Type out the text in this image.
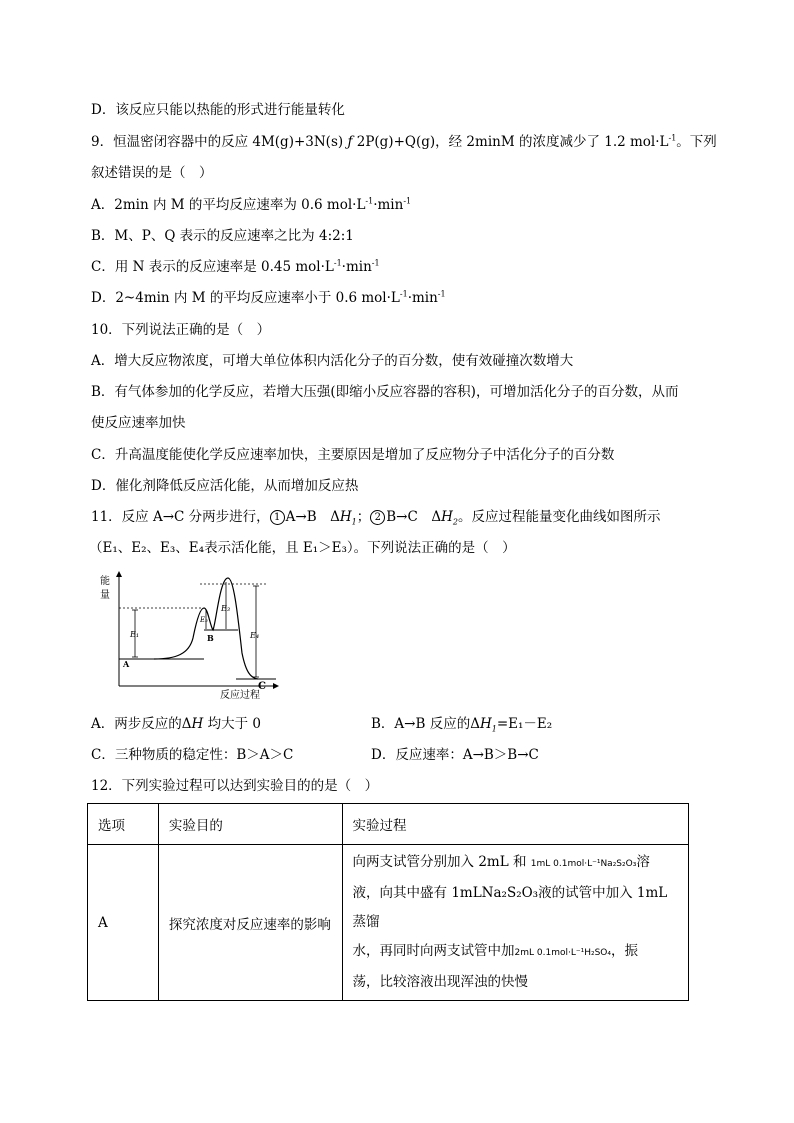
D．该反应只能以热能的形式进行能量转化
9．恒温密闭容器中的反应 4M(g)+3N(s) ƒ 2P(g)+Q(g)，经 2minM 的浓度减少了 1.2 $mol\cdot L^{-1}$。下列
叙述错误的是（　）
A．2min 内 M 的平均反应速率为 0.6 $mol\cdot L^{-1}\cdot\min^{-1}$
B．M、P、Q 表示的反应速率之比为 4:2:1
C．用 N 表示的反应速率是 0.45 $mol\cdot L^{-1}\cdot\min^{-1}$
D．2~4min 内 M 的平均反应速率小于 0.6 $mol\cdot L^{-1}\cdot\min^{-1}$
10．下列说法正确的是（　）
A．增大反应物浓度，可增大单位体积内活化分子的百分数，使有效碰撞次数增大
B．有气体参加的化学反应，若增大压强(即缩小反应容器的容积)，可增加活化分子的百分数，从而
使反应速率加快
C．升高温度能使化学反应速率加快，主要原因是增加了反应物分子中活化分子的百分数
D．催化剂降低反应活化能，从而增加反应热
11．反应 A→C 分两步进行， 1 A→B　$\Delta H_1$； 2 B→C　$\Delta H_2$。反应过程能量变化曲线如图所示
（E₁、E₂、E₃、E₄表示活化能，且 E₁＞E₃）。下列说法正确的是（　）
能
量
反应过程
A
B
C
E₁
E₂
E₃
E₄
A．两步反应的ΔH 均大于 0	B．A→B 反应的$\Delta H_1=E_1-E_2$
C．三种物质的稳定性：B＞A＞C	D．反应速率：A→B＞B→C
12．下列实验过程可以达到实验目的的是（　）
选项	实验目的	实验过程
A	探究浓度对反应速率的影响	向两支试管分别加入 2mL 和 1mL 0.1mol·L⁻¹Na₂S₂O₃溶
液，向其中盛有 1mLNa₂S₂O₃液的试管中加入 1mL 蒸馏
水，再同时向两支试管中加2mL 0.1mol·L⁻¹H₂SO₄，振
荡，比较溶液出现浑浊的快慢
